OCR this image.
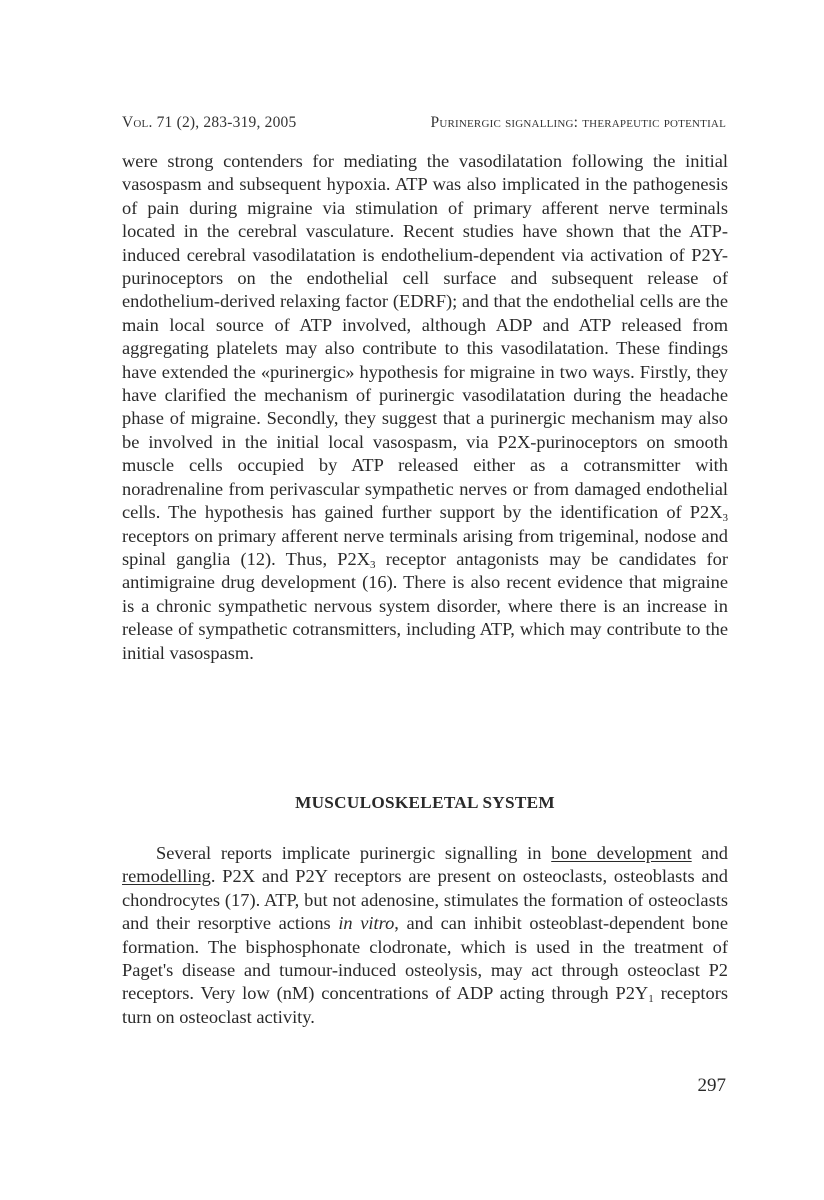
Vol. 71 (2), 283-319, 2005	Purinergic signalling: therapeutic potential

were strong contenders for mediating the vasodilatation following the initial vasospasm and subsequent hypoxia. ATP was also implicated in the pathogenesis of pain during migraine via stimulation of primary afferent nerve terminals located in the cerebral vasculature. Recent studies have shown that the ATP-induced cerebral vasodilatation is endothelium-dependent via activation of P2Y-purinoceptors on the endothelial cell surface and subsequent release of endothelium-derived relaxing factor (EDRF); and that the endothelial cells are the main local source of ATP involved, although ADP and ATP released from aggregating platelets may also contribute to this vasodilatation. These findings have extended the «purinergic» hypothesis for migraine in two ways. Firstly, they have clarified the mechanism of purinergic vasodilatation during the headache phase of migraine. Secondly, they suggest that a purinergic mechanism may also be involved in the initial local vasospasm, via P2X-purinoceptors on smooth muscle cells occupied by ATP released either as a cotransmitter with noradrenaline from perivascular sympathetic nerves or from damaged endothelial cells. The hypothesis has gained further support by the identification of $P2X_3$ receptors on primary afferent nerve terminals arising from trigeminal, nodose and spinal ganglia (12). Thus, $P2X_3$ receptor antagonists may be candidates for antimigraine drug development (16). There is also recent evidence that migraine is a chronic sympathetic nervous system disorder, where there is an increase in release of sympathetic cotransmitters, including ATP, which may contribute to the initial vasospasm.

MUSCULOSKELETAL SYSTEM

Several reports implicate purinergic signalling in bone development and remodelling. P2X and P2Y receptors are present on osteoclasts, osteoblasts and chondrocytes (17). ATP, but not adenosine, stimulates the formation of osteoclasts and their resorptive actions in vitro, and can inhibit osteoblast-dependent bone formation. The bisphosphonate clodronate, which is used in the treatment of Paget's disease and tumour-induced osteolysis, may act through osteoclast P2 receptors. Very low (nM) concentrations of ADP acting through $P2Y_1$ receptors turn on osteoclast activity.

297
